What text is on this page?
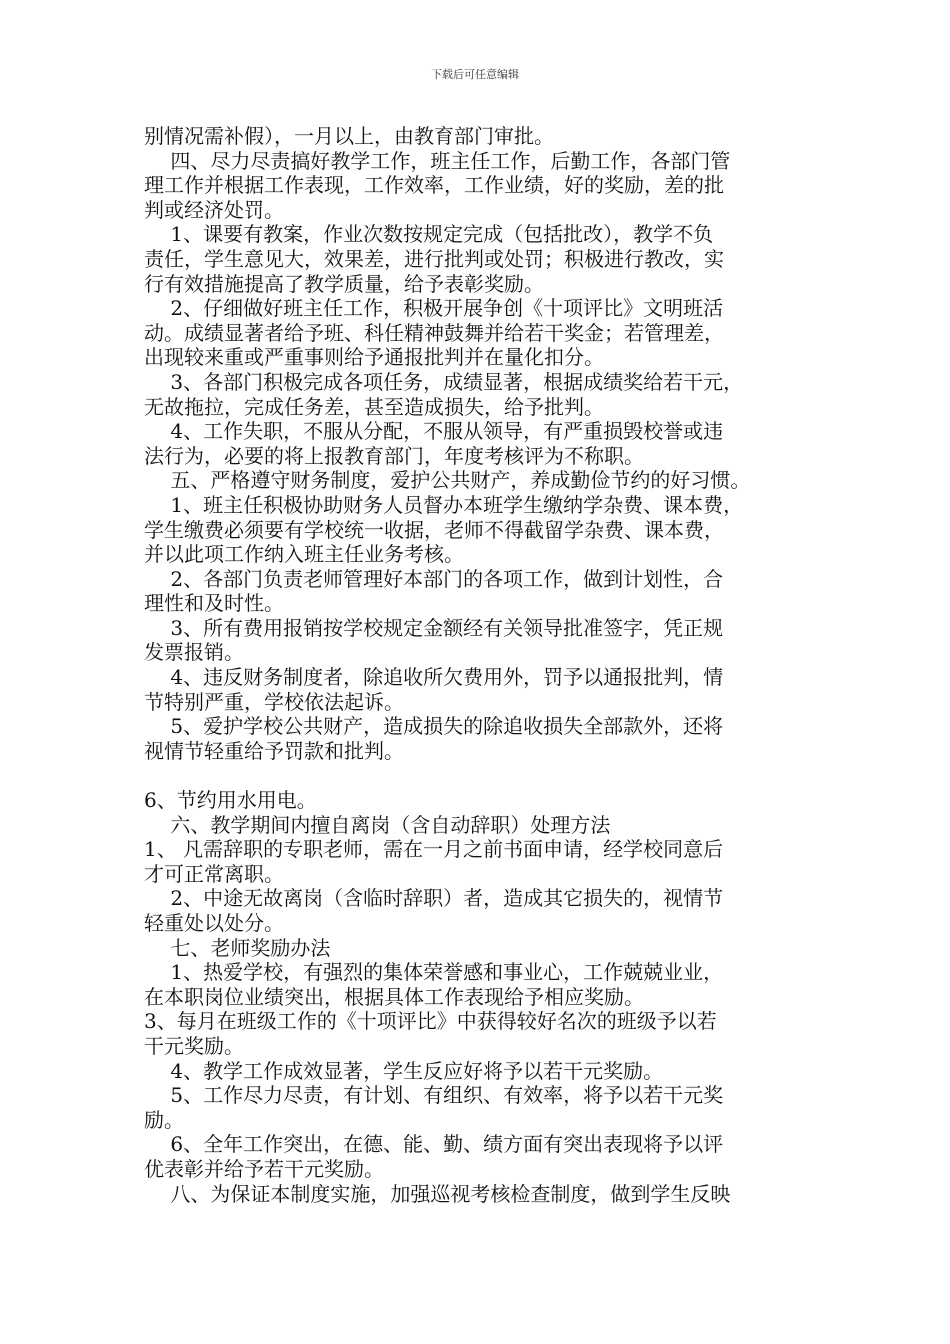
下载后可任意编辑
别情况需补假），一月以上，由教育部门审批。
　 四、尽力尽责搞好教学工作，班主任工作，后勤工作，各部门管
理工作并根据工作表现，工作效率，工作业绩，好的奖励，差的批
判或经济处罚。
　 1、课要有教案，作业次数按规定完成（包括批改），教学不负
责任，学生意见大，效果差，进行批判或处罚；积极进行教改，实
行有效措施提高了教学质量，给予表彰奖励。
　 2、仔细做好班主任工作，积极开展争创《十项评比》文明班活
动。成绩显著者给予班、科任精神鼓舞并给若干奖金；若管理差，
出现较来重或严重事则给予通报批判并在量化扣分。
　 3、各部门积极完成各项任务，成绩显著，根据成绩奖给若干元，
无故拖拉，完成任务差，甚至造成损失，给予批判。
　 4、工作失职，不服从分配，不服从领导，有严重损毁校誉或违
法行为，必要的将上报教育部门，年度考核评为不称职。
　 五、严格遵守财务制度，爱护公共财产，养成勤俭节约的好习惯。
　 1、班主任积极协助财务人员督办本班学生缴纳学杂费、课本费，
学生缴费必须要有学校统一收据，老师不得截留学杂费、课本费，
并以此项工作纳入班主任业务考核。
　 2、各部门负责老师管理好本部门的各项工作，做到计划性，合
理性和及时性。
　 3、所有费用报销按学校规定金额经有关领导批准签字，凭正规
发票报销。
　 4、违反财务制度者，除追收所欠费用外，罚予以通报批判，情
节特别严重，学校依法起诉。
　 5、爱护学校公共财产，造成损失的除追收损失全部款外，还将
视情节轻重给予罚款和批判。
6、节约用水用电。
　 六、教学期间内擅自离岗（含自动辞职）处理方法
1、 凡需辞职的专职老师，需在一月之前书面申请，经学校同意后
才可正常离职。
　 2、中途无故离岗（含临时辞职）者，造成其它损失的，视情节
轻重处以处分。
　 七、老师奖励办法
　 1、热爱学校，有强烈的集体荣誉感和事业心，工作兢兢业业，
在本职岗位业绩突出，根据具体工作表现给予相应奖励。
3、每月在班级工作的《十项评比》中获得较好名次的班级予以若
干元奖励。
　 4、教学工作成效显著，学生反应好将予以若干元奖励。
　 5、工作尽力尽责，有计划、有组织、有效率，将予以若干元奖
励。
　 6、全年工作突出，在德、能、勤、绩方面有突出表现将予以评
优表彰并给予若干元奖励。
　 八、为保证本制度实施，加强巡视考核检查制度，做到学生反映
